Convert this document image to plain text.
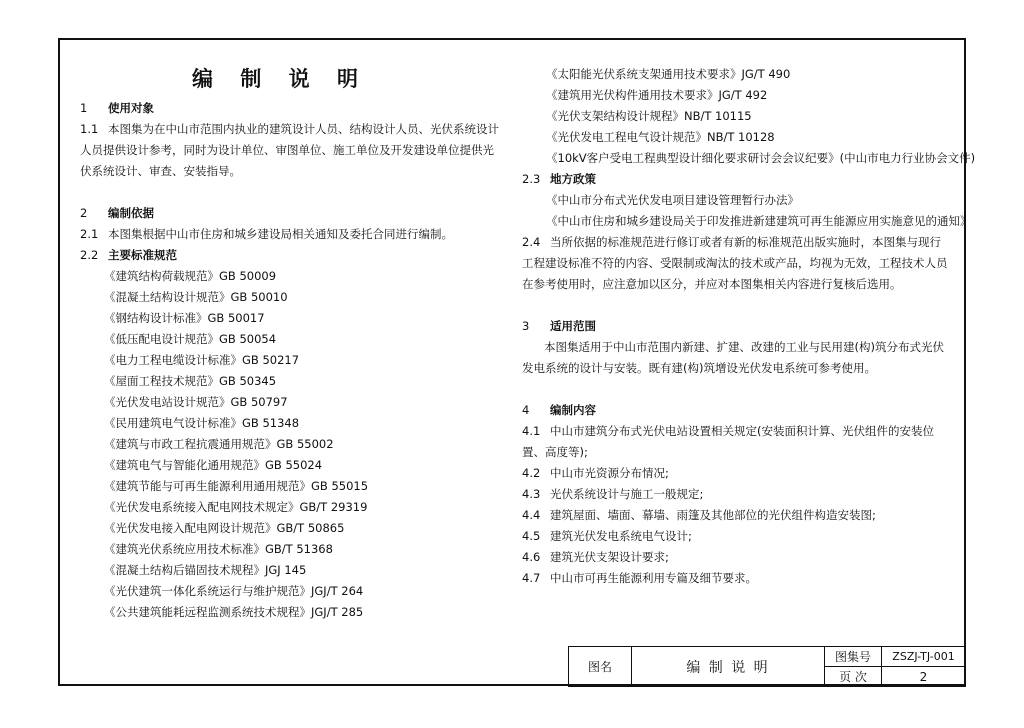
编 制 说 明
1 使用对象
1.1 本图集为在中山市范围内执业的建筑设计人员、结构设计人员、光伏系统设计人员提供设计参考，同时为设计单位、审图单位、施工单位及开发建设单位提供光伏系统设计、审查、安装指导。
2 编制依据
2.1 本图集根据中山市住房和城乡建设局相关通知及委托合同进行编制。
2.2 主要标准规范
《建筑结构荷载规范》GB 50009
《混凝土结构设计规范》GB 50010
《钢结构设计标准》GB 50017
《低压配电设计规范》GB 50054
《电力工程电缆设计标准》GB 50217
《屋面工程技术规范》GB 50345
《光伏发电站设计规范》GB 50797
《民用建筑电气设计标准》GB 51348
《建筑与市政工程抗震通用规范》GB 55002
《建筑电气与智能化通用规范》GB 55024
《建筑节能与可再生能源利用通用规范》GB 55015
《光伏发电系统接入配电网技术规定》GB/T 29319
《光伏发电接入配电网设计规范》GB/T 50865
《建筑光伏系统应用技术标准》GB/T 51368
《混凝土结构后锚固技术规程》JGJ 145
《光伏建筑一体化系统运行与维护规范》JGJ/T 264
《公共建筑能耗远程监测系统技术规程》JGJ/T 285
《太阳能光伏系统支架通用技术要求》JG/T 490
《建筑用光伏构件通用技术要求》JG/T 492
《光伏支架结构设计规程》NB/T 10115
《光伏发电工程电气设计规范》NB/T 10128
《10kV客户受电工程典型设计细化要求研讨会会议纪要》(中山市电力行业协会文件)
2.3 地方政策
《中山市分布式光伏发电项目建设管理暂行办法》
《中山市住房和城乡建设局关于印发推进新建建筑可再生能源应用实施意见的通知》
2.4 当所依据的标准规范进行修订或者有新的标准规范出版实施时，本图集与现行工程建设标准不符的内容、受限制或淘汰的技术或产品，均视为无效，工程技术人员在参考使用时，应注意加以区分，并应对本图集相关内容进行复核后选用。
3 适用范围
本图集适用于中山市范围内新建、扩建、改建的工业与民用建(构)筑分布式光伏发电系统的设计与安装。既有建(构)筑增设光伏发电系统可参考使用。
4 编制内容
4.1 中山市建筑分布式光伏电站设置相关规定(安装面积计算、光伏组件的安装位置、高度等);
4.2 中山市光资源分布情况;
4.3 光伏系统设计与施工一般规定;
4.4 建筑屋面、墙面、幕墙、雨篷及其他部位的光伏组件构造安装图;
4.5 建筑光伏发电系统电气设计;
4.6 建筑光伏支架设计要求;
4.7 中山市可再生能源利用专篇及细节要求。
图名	编 制 说 明	图集号	ZSZJ-TJ-001
		页 次	2
